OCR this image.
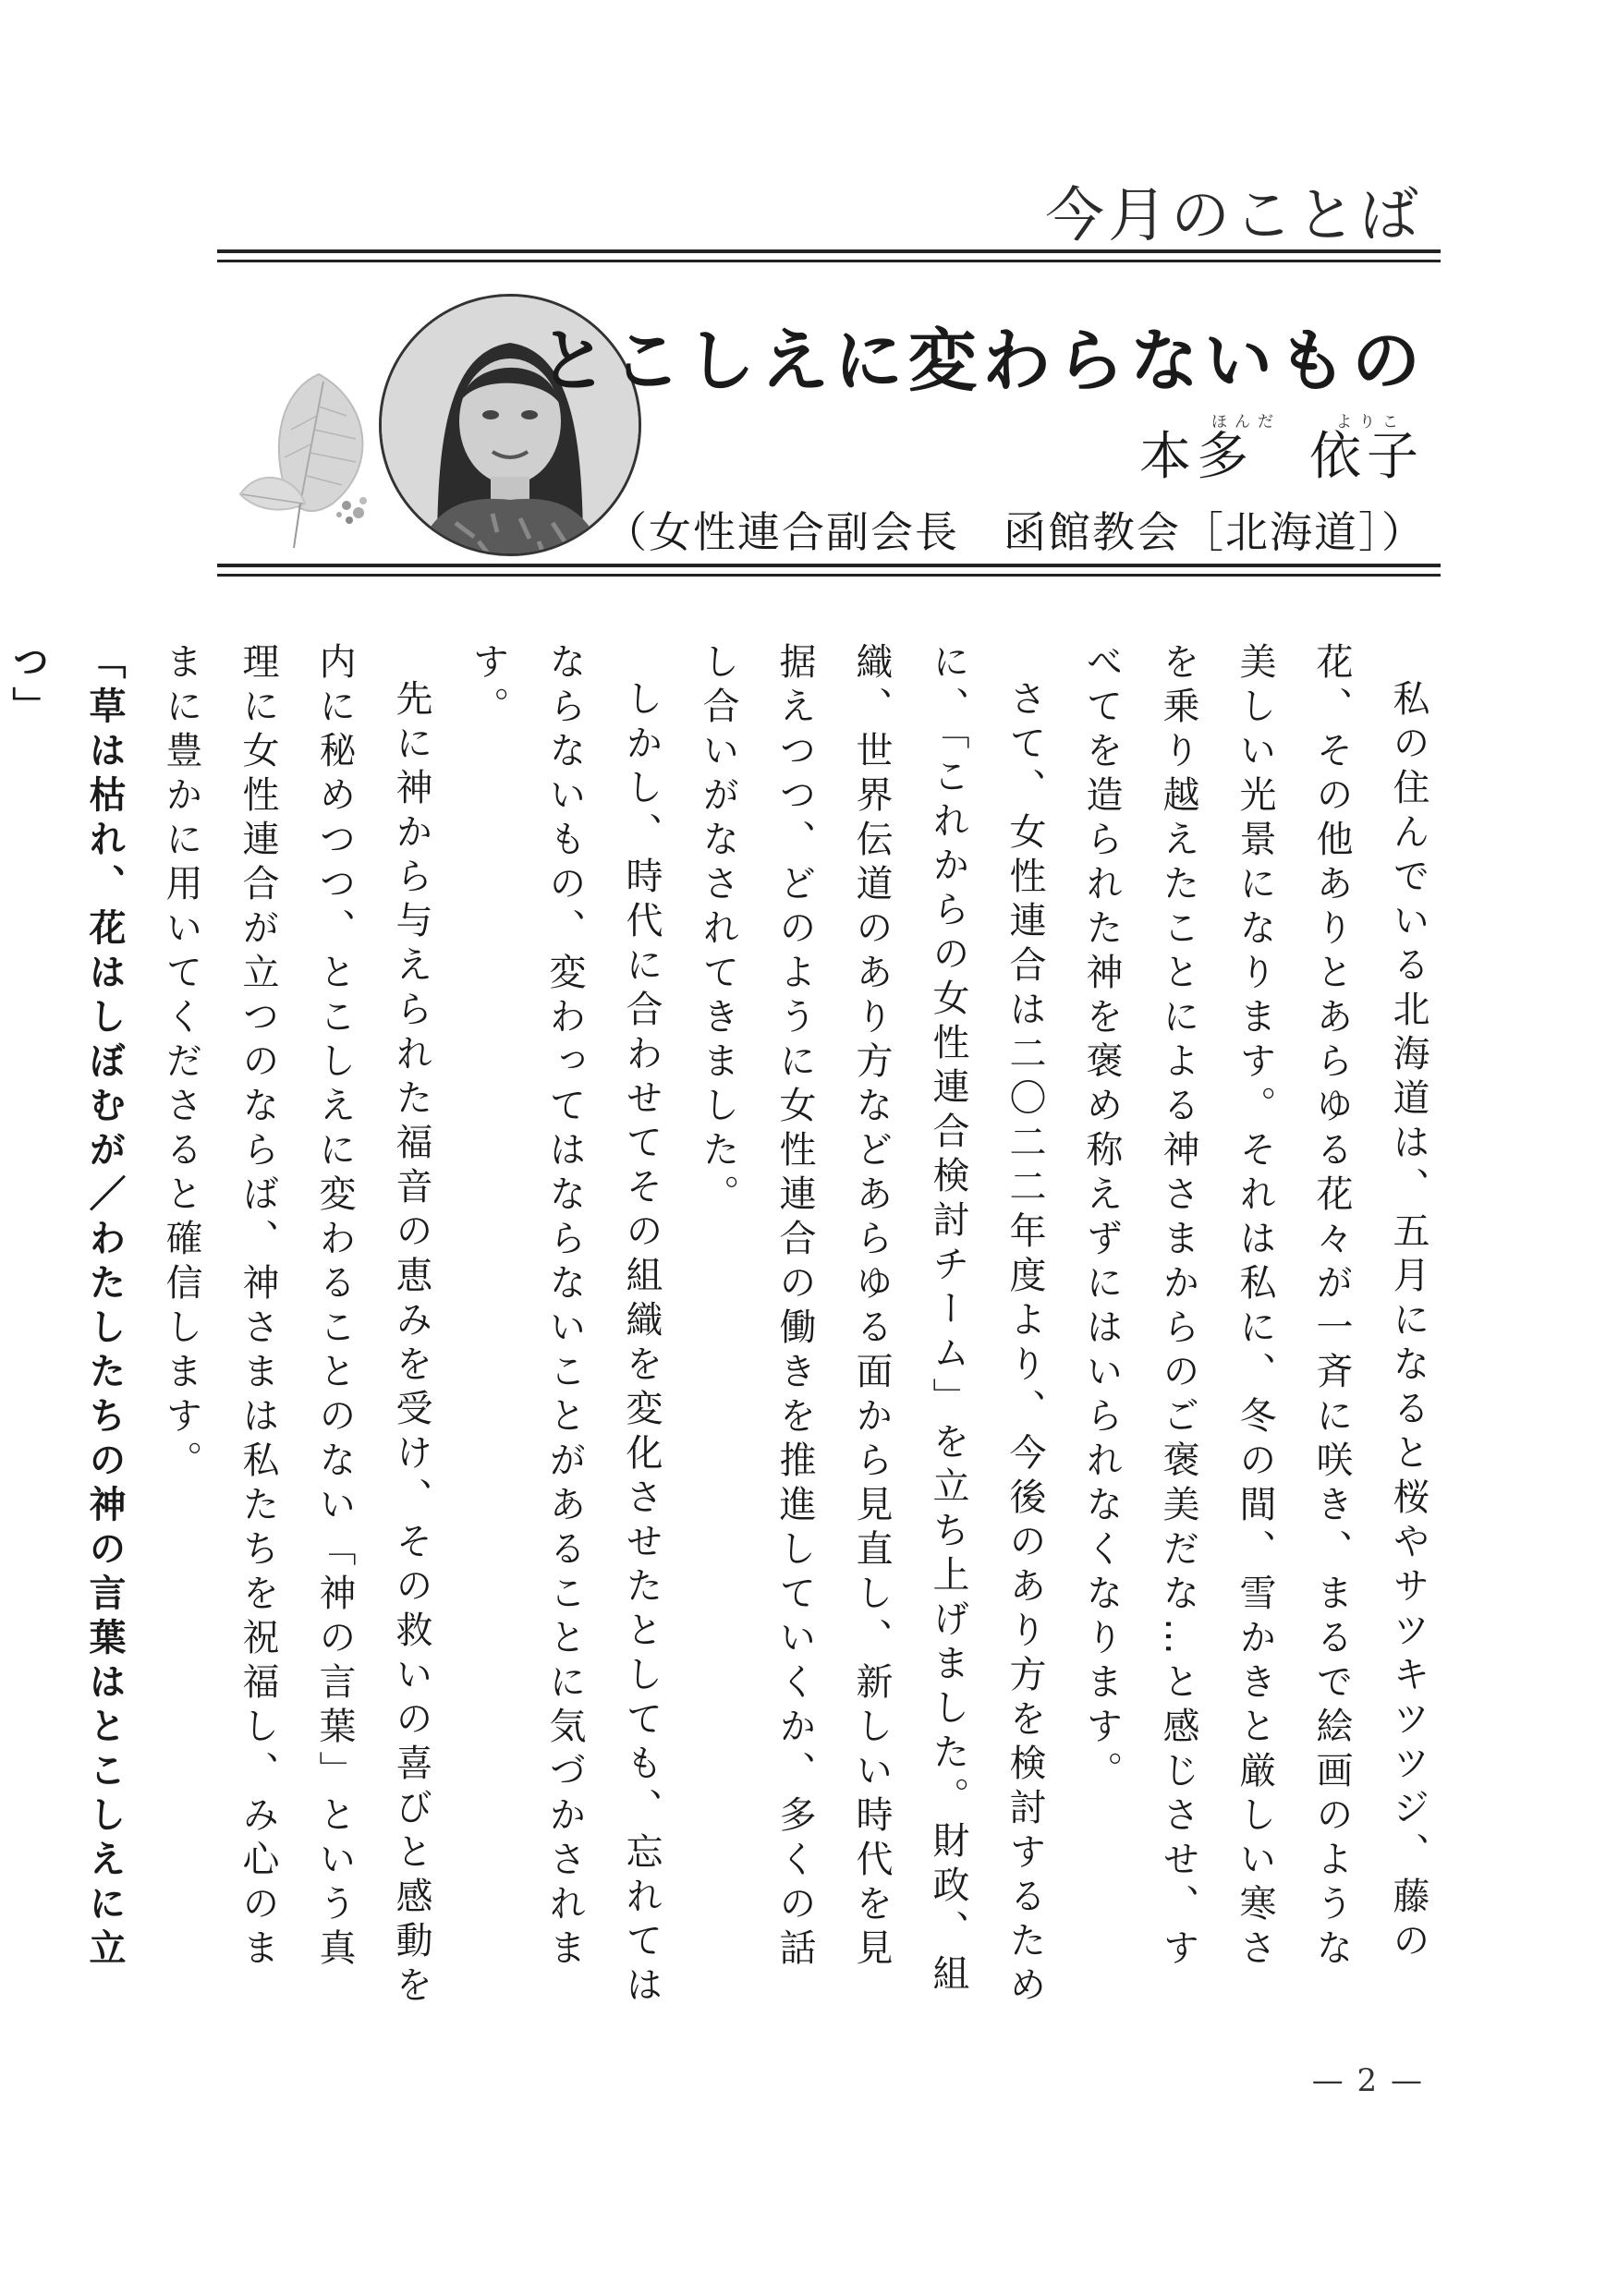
今月のことば
とこしえに変わらないもの
ほんだ	よりこ
本多 依子
（女性連合副会長　函館教会［北海道］）

私の住んでいる北海道は、五月になると桜やサツキツツジ、藤の花、その他ありとあらゆる花々が一斉に咲き、まるで絵画のような美しい光景になります。それは私に、冬の間、雪かきと厳しい寒さを乗り越えたことによる神さまからのご褒美だな…と感じさせ、すべてを造られた神を褒め称えずにはいられなくなります。

さて、女性連合は二〇二二年度より、今後のあり方を検討するために、「これからの女性連合検討チーム」を立ち上げました。財政、組織、世界伝道のあり方などあらゆる面から見直し、新しい時代を見据えつつ、どのように女性連合の働きを推進していくか、多くの話し合いがなされてきました。

しかし、時代に合わせてその組織を変化させたとしても、忘れてはならないもの、変わってはならないことがあることに気づかされます。

先に神から与えられた福音の恵みを受け、その救いの喜びと感動を内に秘めつつ、とこしえに変わることのない「神の言葉」という真理に女性連合が立つのならば、神さまは私たちを祝福し、み心のままに豊かに用いてくださると確信します。

「草は枯れ、花はしぼむが／わたしたちの神の言葉はとこしえに立つ」

— 2 —
